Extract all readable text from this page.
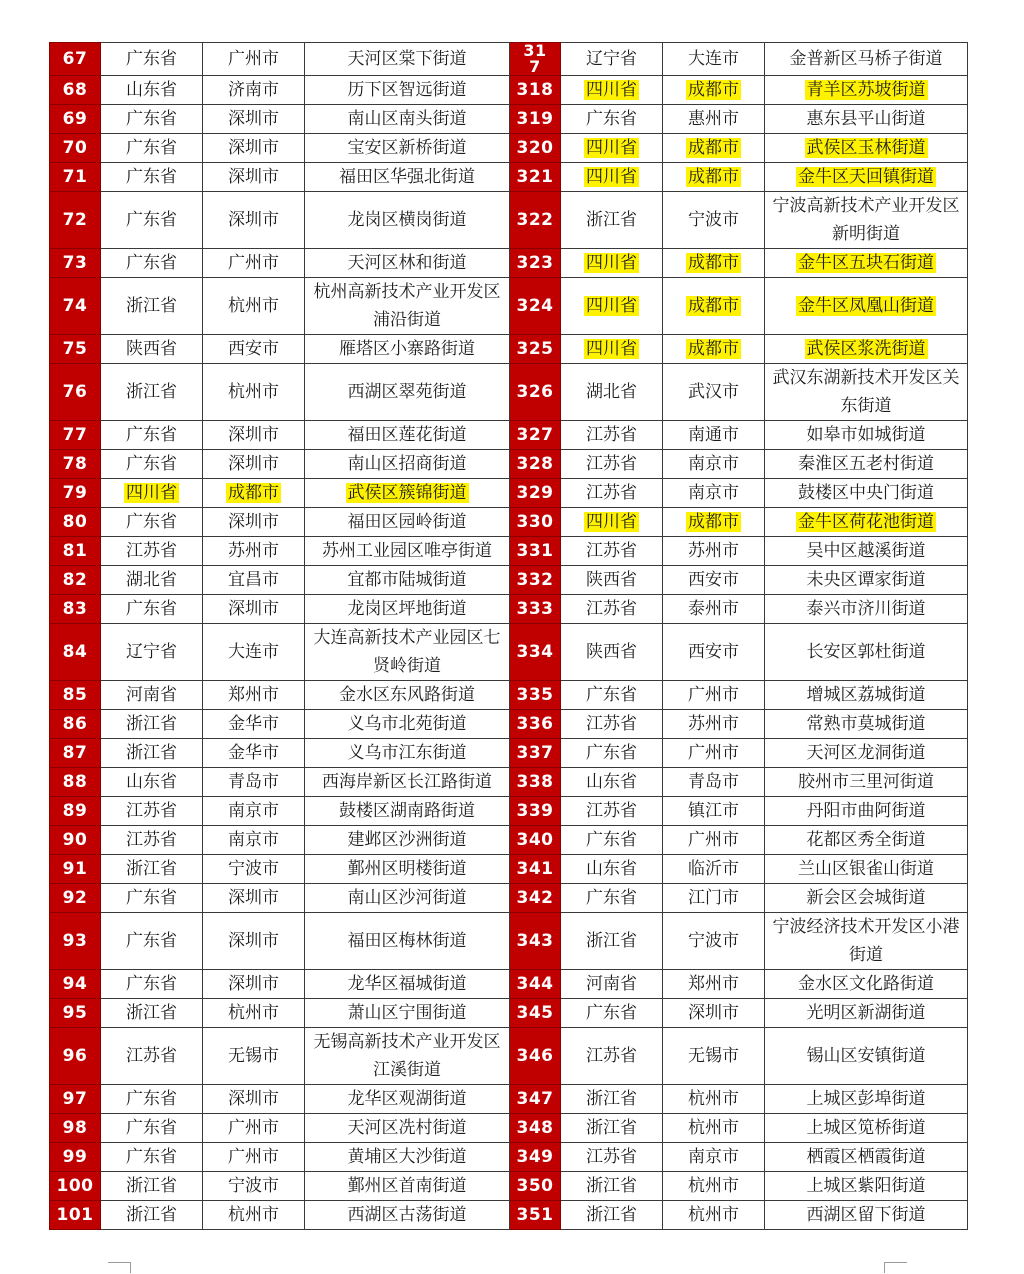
67	广东省	广州市	天河区棠下街道	317	辽宁省	大连市	金普新区马桥子街道
68	山东省	济南市	历下区智远街道	318	四川省	成都市	青羊区苏坡街道
69	广东省	深圳市	南山区南头街道	319	广东省	惠州市	惠东县平山街道
70	广东省	深圳市	宝安区新桥街道	320	四川省	成都市	武侯区玉林街道
71	广东省	深圳市	福田区华强北街道	321	四川省	成都市	金牛区天回镇街道
72	广东省	深圳市	龙岗区横岗街道	322	浙江省	宁波市	宁波高新技术产业开发区新明街道
73	广东省	广州市	天河区林和街道	323	四川省	成都市	金牛区五块石街道
74	浙江省	杭州市	杭州高新技术产业开发区浦沿街道	324	四川省	成都市	金牛区凤凰山街道
75	陕西省	西安市	雁塔区小寨路街道	325	四川省	成都市	武侯区浆洗街道
76	浙江省	杭州市	西湖区翠苑街道	326	湖北省	武汉市	武汉东湖新技术开发区关东街道
77	广东省	深圳市	福田区莲花街道	327	江苏省	南通市	如皋市如城街道
78	广东省	深圳市	南山区招商街道	328	江苏省	南京市	秦淮区五老村街道
79	四川省	成都市	武侯区簇锦街道	329	江苏省	南京市	鼓楼区中央门街道
80	广东省	深圳市	福田区园岭街道	330	四川省	成都市	金牛区荷花池街道
81	江苏省	苏州市	苏州工业园区唯亭街道	331	江苏省	苏州市	吴中区越溪街道
82	湖北省	宜昌市	宜都市陆城街道	332	陕西省	西安市	未央区谭家街道
83	广东省	深圳市	龙岗区坪地街道	333	江苏省	泰州市	泰兴市济川街道
84	辽宁省	大连市	大连高新技术产业园区七贤岭街道	334	陕西省	西安市	长安区郭杜街道
85	河南省	郑州市	金水区东风路街道	335	广东省	广州市	增城区荔城街道
86	浙江省	金华市	义乌市北苑街道	336	江苏省	苏州市	常熟市莫城街道
87	浙江省	金华市	义乌市江东街道	337	广东省	广州市	天河区龙洞街道
88	山东省	青岛市	西海岸新区长江路街道	338	山东省	青岛市	胶州市三里河街道
89	江苏省	南京市	鼓楼区湖南路街道	339	江苏省	镇江市	丹阳市曲阿街道
90	江苏省	南京市	建邺区沙洲街道	340	广东省	广州市	花都区秀全街道
91	浙江省	宁波市	鄞州区明楼街道	341	山东省	临沂市	兰山区银雀山街道
92	广东省	深圳市	南山区沙河街道	342	广东省	江门市	新会区会城街道
93	广东省	深圳市	福田区梅林街道	343	浙江省	宁波市	宁波经济技术开发区小港街道
94	广东省	深圳市	龙华区福城街道	344	河南省	郑州市	金水区文化路街道
95	浙江省	杭州市	萧山区宁围街道	345	广东省	深圳市	光明区新湖街道
96	江苏省	无锡市	无锡高新技术产业开发区江溪街道	346	江苏省	无锡市	锡山区安镇街道
97	广东省	深圳市	龙华区观湖街道	347	浙江省	杭州市	上城区彭埠街道
98	广东省	广州市	天河区冼村街道	348	浙江省	杭州市	上城区笕桥街道
99	广东省	广州市	黄埔区大沙街道	349	江苏省	南京市	栖霞区栖霞街道
100	浙江省	宁波市	鄞州区首南街道	350	浙江省	杭州市	上城区紫阳街道
101	浙江省	杭州市	西湖区古荡街道	351	浙江省	杭州市	西湖区留下街道
